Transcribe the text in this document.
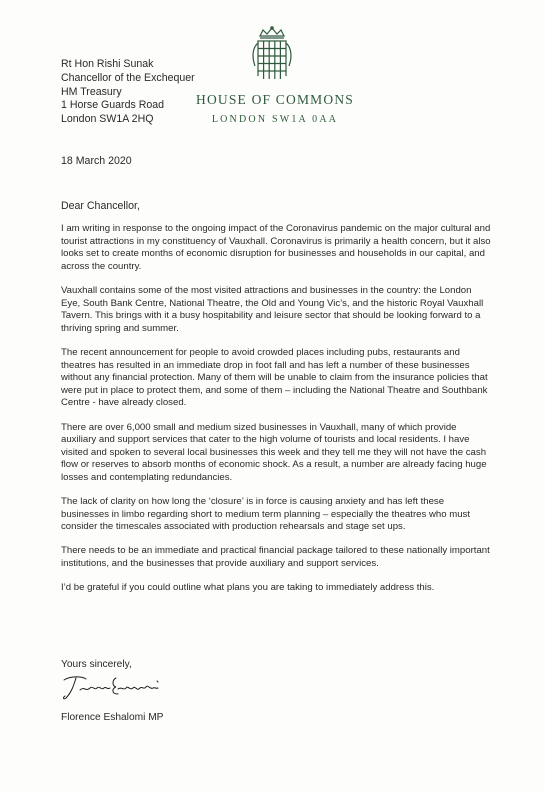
Rt Hon Rishi Sunak
Chancellor of the Exchequer
HM Treasury
1 Horse Guards Road
London SW1A 2HQ
HOUSE OF COMMONS
LONDON SW1A 0AA
18 March 2020
Dear Chancellor,

I am writing in response to the ongoing impact of the Coronavirus pandemic on the major cultural and tourist attractions in my constituency of Vauxhall. Coronavirus is primarily a health concern, but it also looks set to create months of economic disruption for businesses and households in our capital, and across the country.

Vauxhall contains some of the most visited attractions and businesses in the country: the London Eye, South Bank Centre, National Theatre, the Old and Young Vic’s, and the historic Royal Vauxhall Tavern. This brings with it a busy hospitability and leisure sector that should be looking forward to a thriving spring and summer.

The recent announcement for people to avoid crowded places including pubs, restaurants and theatres has resulted in an immediate drop in foot fall and has left a number of these businesses without any financial protection. Many of them will be unable to claim from the insurance policies that were put in place to protect them, and some of them – including the National Theatre and Southbank Centre - have already closed.

There are over 6,000 small and medium sized businesses in Vauxhall, many of which provide auxiliary and support services that cater to the high volume of tourists and local residents. I have visited and spoken to several local businesses this week and they tell me they will not have the cash flow or reserves to absorb months of economic shock. As a result, a number are already facing huge losses and contemplating redundancies.

The lack of clarity on how long the ‘closure’ is in force is causing anxiety and has left these businesses in limbo regarding short to medium term planning – especially the theatres who must consider the timescales associated with production rehearsals and stage set ups.

There needs to be an immediate and practical financial package tailored to these nationally important institutions, and the businesses that provide auxiliary and support services.

I’d be grateful if you could outline what plans you are taking to immediately address this.

Yours sincerely,
Florence Eshalomi MP
